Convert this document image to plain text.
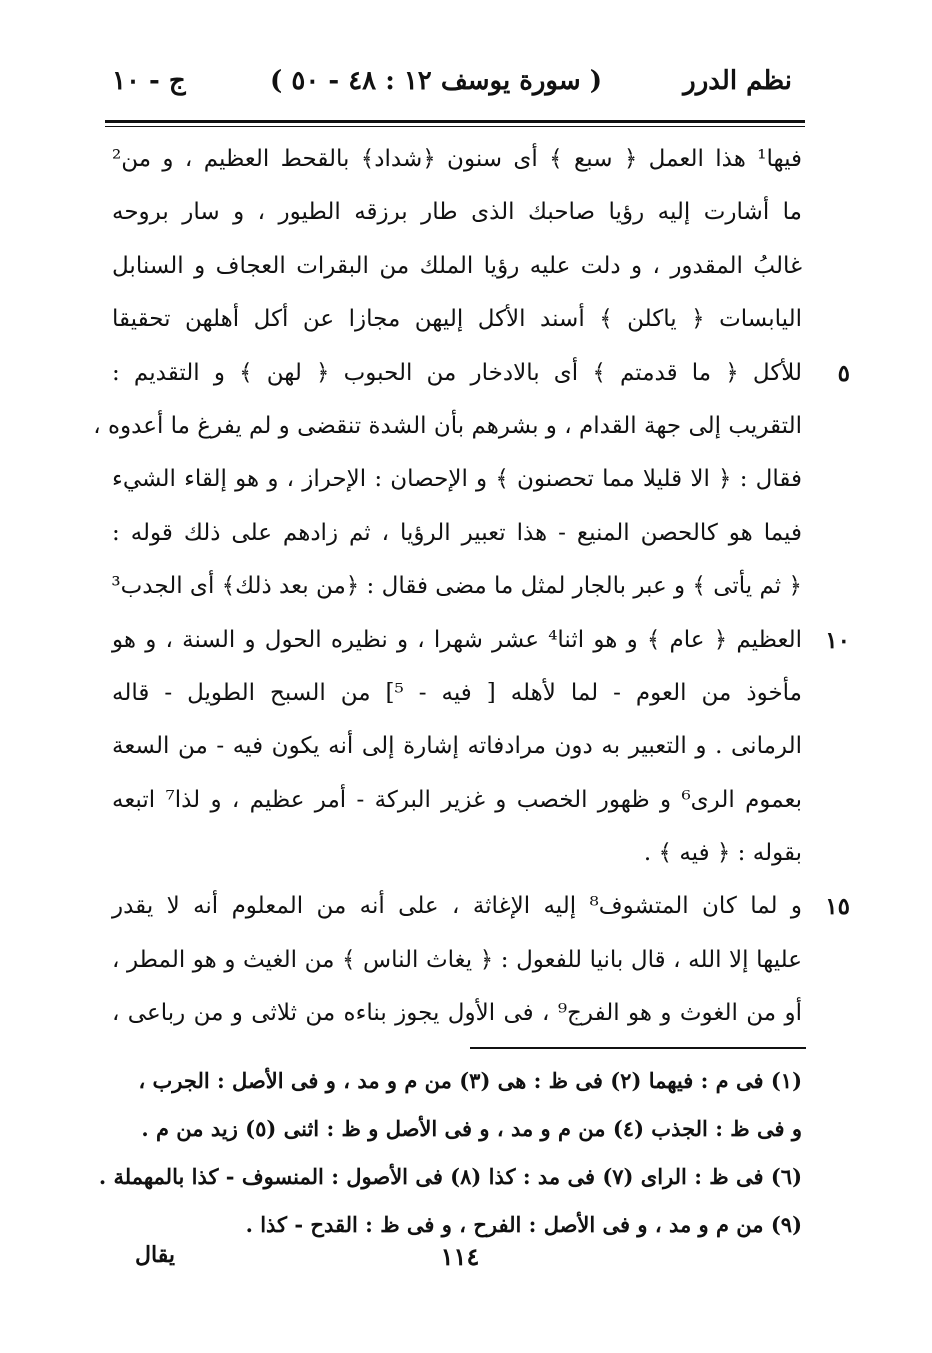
نظم الدرر
( سورة يوسف ١٢ : ٤٨ - ٥٠ )
ج - ١٠
فيها¹ هذا العمل ﴿ سبع ﴾ أى سنون ﴿شداد﴾ بالقحط العظيم ، و من²
ما أشارت إليه رؤيا صاحبك الذى طار برزقه الطيور ، و سار بروحه
غالبُ المقدور ، و دلت عليه رؤيا الملك من البقرات العجاف و السنابل
اليابسات ﴿ ياكلن ﴾ أسند الأكل إليهن مجازا عن أكل أهلهن تحقيقا
٥
للأكل ﴿ ما قدمتم ﴾ أى بالادخار من الحبوب ﴿ لهن ﴾ و التقديم :
التقريب إلى جهة القدام ، و بشرهم بأن الشدة تنقضى و لم يفرغ ما أعدوه ،
فقال : ﴿ الا قليلا مما تحصنون ﴾ و الإحصان : الإحراز ، و هو إلقاء الشيء
فيما هو كالحصن المنيع - هذا تعبير الرؤيا ، ثم زادهم على ذلك قوله :
﴿ ثم يأتى ﴾ و عبر بالجار لمثل ما مضى فقال : ﴿من بعد ذلك﴾ أى الجدب³
١٠
العظيم ﴿ عام ﴾ و هو اثنا⁴ عشر شهرا ، و نظيره الحول و السنة ، و هو
مأخوذ من العوم - لما لأهله [ فيه - ⁵] من السبح الطويل - قاله
الرمانى . و التعبير به دون مرادفاته إشارة إلى أنه يكون فيه - من السعة
بعموم الرى⁶ و ظهور الخصب و غزير البركة - أمر عظيم ، و لذا⁷ اتبعه
بقوله : ﴿ فيه ﴾ .
١٥
و لما كان المتشوف⁸ إليه الإغاثة ، على أنه من المعلوم أنه لا يقدر
عليها إلا الله ، قال بانيا للفعول : ﴿ يغاث الناس ﴾ من الغيث و هو المطر ،
أو من الغوث و هو الفرج⁹ ، فى الأول يجوز بناءه من ثلاثى و من رباعى ،
(١) فى م : فيهما (٢) فى ظ : هى (٣) من م و مد ، و فى الأصل : الجرب ،
و فى ظ : الجذب (٤) من م و مد ، و فى الأصل و ظ : اثنى (٥) زيد من م .
(٦) فى ظ : الراى (٧) فى مد : كذا (٨) فى الأصول : المنسوف - كذا بالمهملة .
(٩) من م و مد ، و فى الأصل : الفرح ، و فى ظ : القدح - كذا .
١١٤
يقال
